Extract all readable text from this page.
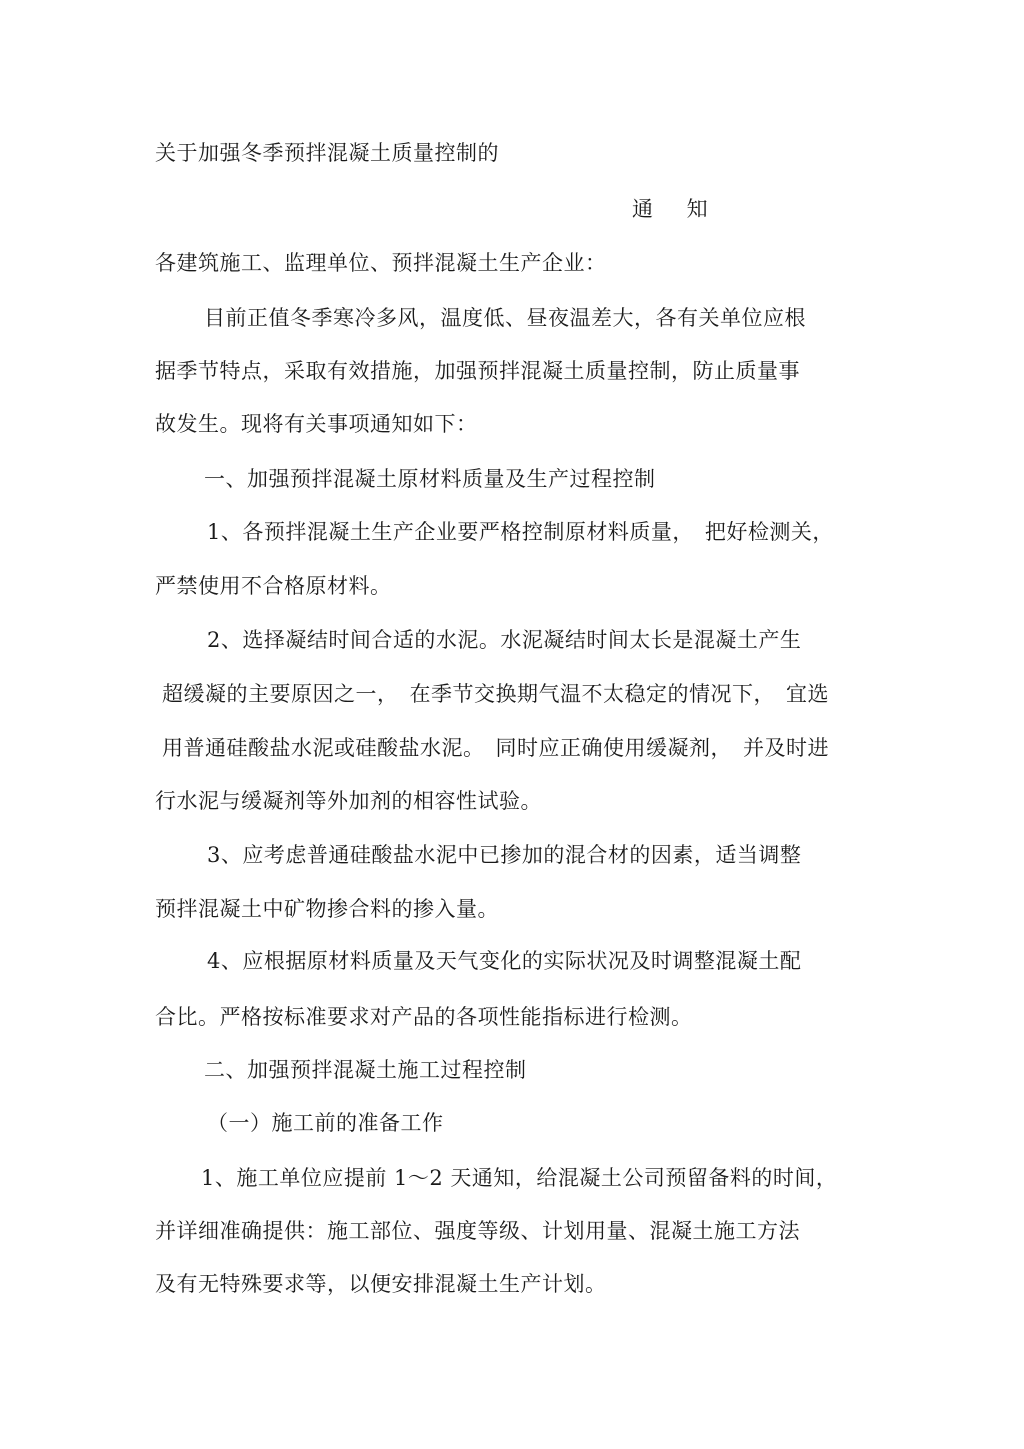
关于加强冬季预拌混凝土质量控制的
通　 知
各建筑施工、监理单位、预拌混凝土生产企业：
目前正值冬季寒冷多风，温度低、昼夜温差大，各有关单位应根
据季节特点，采取有效措施，加强预拌混凝土质量控制，防止质量事
故发生。现将有关事项通知如下：
一、加强预拌混凝土原材料质量及生产过程控制
1、各预拌混凝土生产企业要严格控制原材料质量，　把好检测关，
严禁使用不合格原材料。
2、选择凝结时间合适的水泥。水泥凝结时间太长是混凝土产生
超缓凝的主要原因之一，　在季节交换期气温不太稳定的情况下，　宜选
用普通硅酸盐水泥或硅酸盐水泥。　同时应正确使用缓凝剂，　并及时进
行水泥与缓凝剂等外加剂的相容性试验。
3、应考虑普通硅酸盐水泥中已掺加的混合材的因素，适当调整
预拌混凝土中矿物掺合料的掺入量。
4、应根据原材料质量及天气变化的实际状况及时调整混凝土配
合比。严格按标准要求对产品的各项性能指标进行检测。
二、加强预拌混凝土施工过程控制
（一）施工前的准备工作
1、施工单位应提前 1～2 天通知，给混凝土公司预留备料的时间，
并详细准确提供：施工部位、强度等级、计划用量、混凝土施工方法
及有无特殊要求等，以便安排混凝土生产计划。
